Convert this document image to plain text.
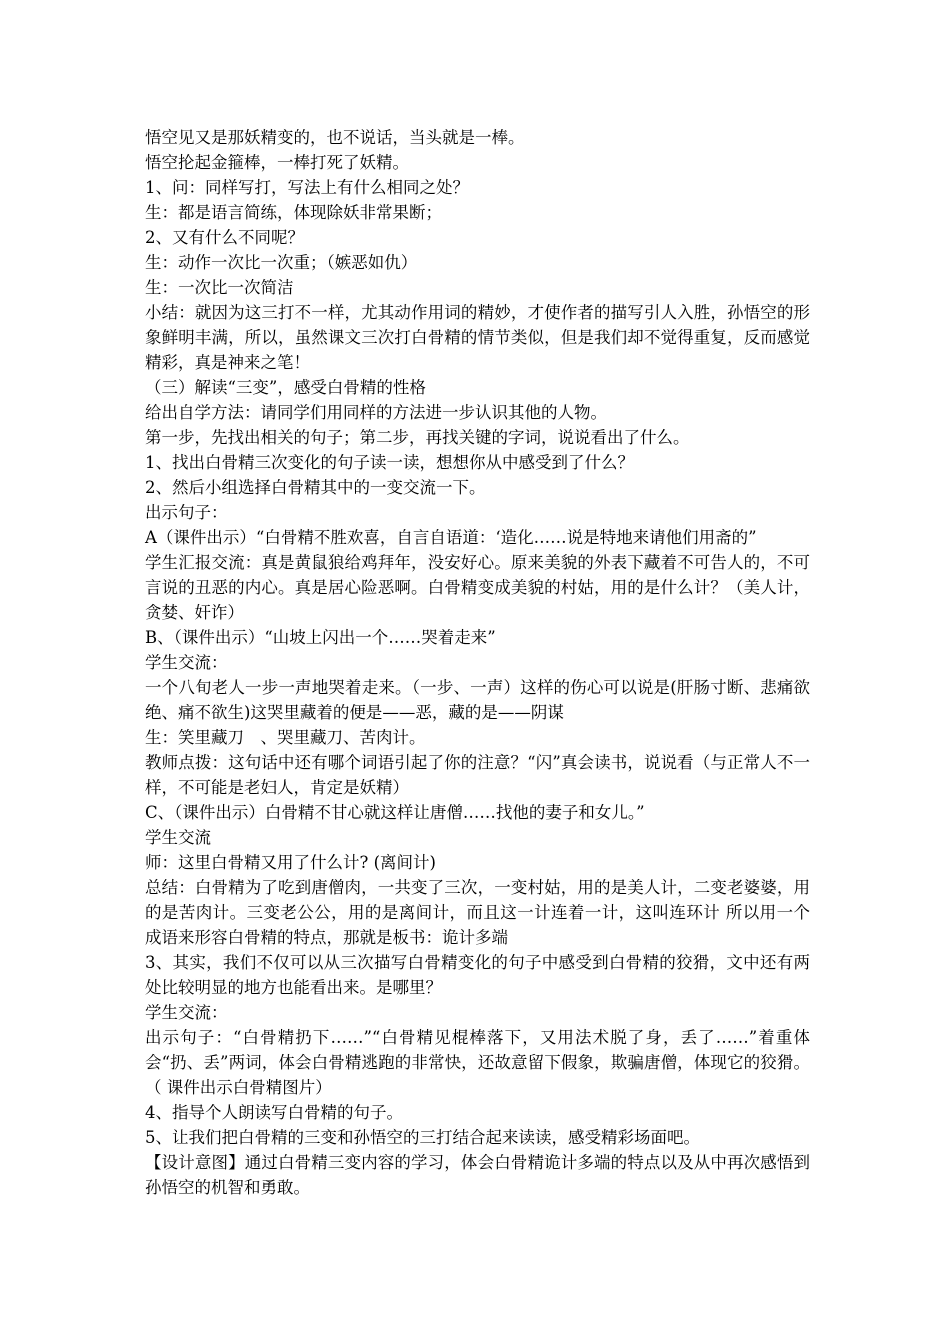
悟空见又是那妖精变的，也不说话，当头就是一棒。

悟空抡起金箍棒，一棒打死了妖精。

1、问：同样写打，写法上有什么相同之处？

生：都是语言简练，体现除妖非常果断；

2、又有什么不同呢？

生：动作一次比一次重；（嫉恶如仇）

生：一次比一次简洁

小结：就因为这三打不一样，尤其动作用词的精妙，才使作者的描写引人入胜，孙悟空的形象鲜明丰满，所以，虽然课文三次打白骨精的情节类似，但是我们却不觉得重复，反而感觉精彩，真是神来之笔！

（三）解读“三变”，感受白骨精的性格

给出自学方法：请同学们用同样的方法进一步认识其他的人物。

第一步，先找出相关的句子；第二步，再找关键的字词，说说看出了什么。

1、找出白骨精三次变化的句子读一读，想想你从中感受到了什么？

2、然后小组选择白骨精其中的一变交流一下。

出示句子：

A（课件出示）“白骨精不胜欢喜，自言自语道：‘造化……说是特地来请他们用斋的”

学生汇报交流：真是黄鼠狼给鸡拜年，没安好心。原来美貌的外表下藏着不可告人的，不可言说的丑恶的内心。真是居心险恶啊。白骨精变成美貌的村姑，用的是什么计？（美人计，贪婪、奸诈）

B、（课件出示）“山坡上闪出一个……哭着走来”

学生交流：

一个八旬老人一步一声地哭着走来。（一步、一声）这样的伤心可以说是(肝肠寸断、悲痛欲绝、痛不欲生)这哭里藏着的便是——恶，藏的是——阴谋

生：笑里藏刀　、哭里藏刀、苦肉计。

教师点拨：这句话中还有哪个词语引起了你的注意？“闪”真会读书，说说看（与正常人不一样，不可能是老妇人，肯定是妖精）

C、（课件出示）白骨精不甘心就这样让唐僧……找他的妻子和女儿。”

学生交流

师：这里白骨精又用了什么计? (离间计)

总结：白骨精为了吃到唐僧肉，一共变了三次，一变村姑，用的是美人计，二变老婆婆，用的是苦肉计。三变老公公，用的是离间计，而且这一计连着一计，这叫连环计 所以用一个成语来形容白骨精的特点，那就是板书：诡计多端

3、其实，我们不仅可以从三次描写白骨精变化的句子中感受到白骨精的狡猾，文中还有两处比较明显的地方也能看出来。是哪里？

学生交流：

出示句子：“白骨精扔下……”“白骨精见棍棒落下，又用法术脱了身，丢了……”着重体会“扔、丢”两词，体会白骨精逃跑的非常快，还故意留下假象，欺骗唐僧，体现它的狡猾。（ 课件出示白骨精图片）

4、指导个人朗读写白骨精的句子。

5、让我们把白骨精的三变和孙悟空的三打结合起来读读，感受精彩场面吧。

【设计意图】通过白骨精三变内容的学习，体会白骨精诡计多端的特点以及从中再次感悟到孙悟空的机智和勇敢。
